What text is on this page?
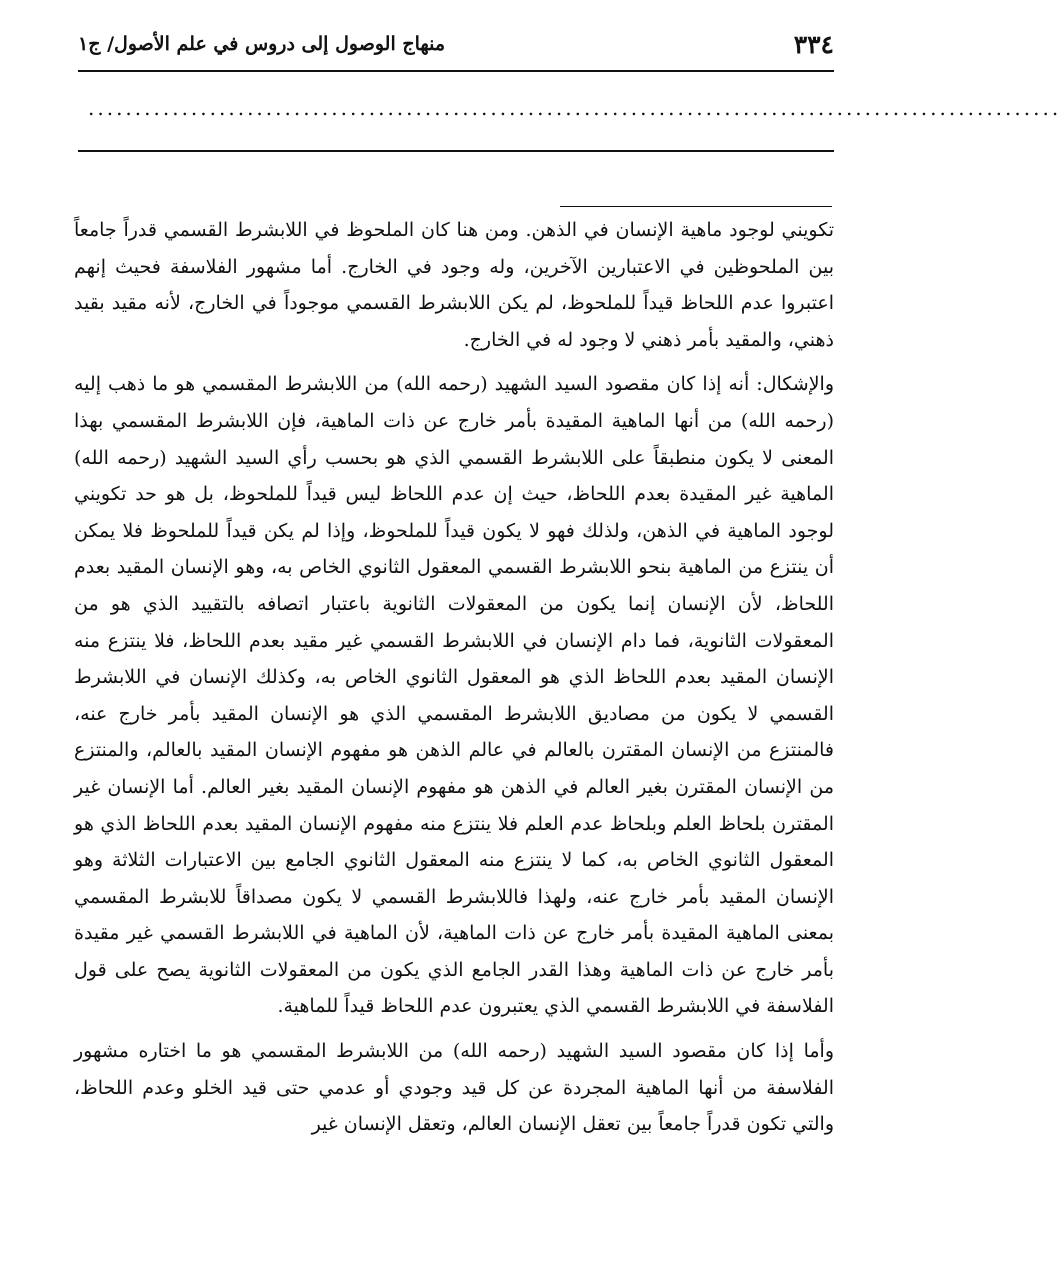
٣٣٤
منهاج الوصول إلى دروس في علم الأصول/ ج١
........................................................................................................

تكويني لوجود ماهية الإنسان في الذهن. ومن هنا كان الملحوظ في اللابشرط القسمي قدراً جامعاً بين الملحوظين في الاعتبارين الآخرين، وله وجود في الخارج. أما مشهور الفلاسفة فحيث إنهم اعتبروا عدم اللحاظ قيداً للملحوظ، لم يكن اللابشرط القسمي موجوداً في الخارج، لأنه مقيد بقيد ذهني، والمقيد بأمر ذهني لا وجود له في الخارج.

والإشكال: أنه إذا كان مقصود السيد الشهيد (رحمه الله) من اللابشرط المقسمي هو ما ذهب إليه (رحمه الله) من أنها الماهية المقيدة بأمر خارج عن ذات الماهية، فإن اللابشرط المقسمي بهذا المعنى لا يكون منطبقاً على اللابشرط القسمي الذي هو بحسب رأي السيد الشهيد (رحمه الله) الماهية غير المقيدة بعدم اللحاظ، حيث إن عدم اللحاظ ليس قيداً للملحوظ، بل هو حد تكويني لوجود الماهية في الذهن، ولذلك فهو لا يكون قيداً للملحوظ، وإذا لم يكن قيداً للملحوظ فلا يمكن أن ينتزع من الماهية بنحو اللابشرط القسمي المعقول الثانوي الخاص به، وهو الإنسان المقيد بعدم اللحاظ، لأن الإنسان إنما يكون من المعقولات الثانوية باعتبار اتصافه بالتقييد الذي هو من المعقولات الثانوية، فما دام الإنسان في اللابشرط القسمي غير مقيد بعدم اللحاظ، فلا ينتزع منه الإنسان المقيد بعدم اللحاظ الذي هو المعقول الثانوي الخاص به، وكذلك الإنسان في اللابشرط القسمي لا يكون من مصاديق اللابشرط المقسمي الذي هو الإنسان المقيد بأمر خارج عنه، فالمنتزع من الإنسان المقترن بالعالم في عالم الذهن هو مفهوم الإنسان المقيد بالعالم، والمنتزع من الإنسان المقترن بغير العالم في الذهن هو مفهوم الإنسان المقيد بغير العالم. أما الإنسان غير المقترن بلحاظ العلم وبلحاظ عدم العلم فلا ينتزع منه مفهوم الإنسان المقيد بعدم اللحاظ الذي هو المعقول الثانوي الخاص به، كما لا ينتزع منه المعقول الثانوي الجامع بين الاعتبارات الثلاثة وهو الإنسان المقيد بأمر خارج عنه، ولهذا فاللابشرط القسمي لا يكون مصداقاً للابشرط المقسمي بمعنى الماهية المقيدة بأمر خارج عن ذات الماهية، لأن الماهية في اللابشرط القسمي غير مقيدة بأمر خارج عن ذات الماهية وهذا القدر الجامع الذي يكون من المعقولات الثانوية يصح على قول الفلاسفة في اللابشرط القسمي الذي يعتبرون عدم اللحاظ قيداً للماهية.

وأما إذا كان مقصود السيد الشهيد (رحمه الله) من اللابشرط المقسمي هو ما اختاره مشهور الفلاسفة من أنها الماهية المجردة عن كل قيد وجودي أو عدمي حتى قيد الخلو وعدم اللحاظ، والتي تكون قدراً جامعاً بين تعقل الإنسان العالم، وتعقل الإنسان غير
